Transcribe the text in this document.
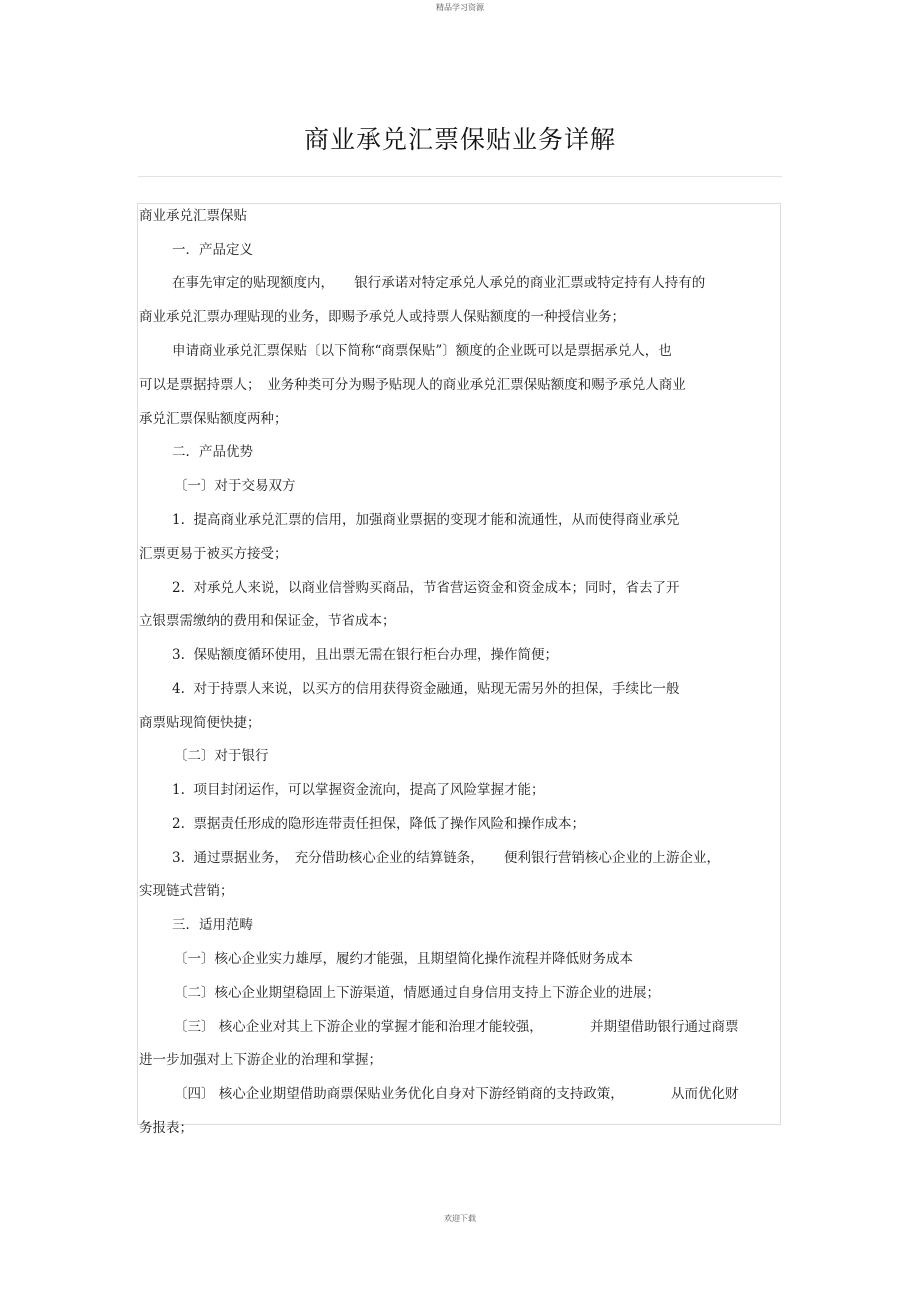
精品学习资源
商业承兑汇票保贴业务详解
商业承兑汇票保贴
一．产品定义
在事先审定的贴现额度内，　　银行承诺对特定承兑人承兑的商业汇票或特定持有人持有的
商业承兑汇票办理贴现的业务，即赐予承兑人或持票人保贴额度的一种授信业务；
申请商业承兑汇票保贴〔以下简称“商票保贴”〕额度的企业既可以是票据承兑人，也
可以是票据持票人；　业务种类可分为赐予贴现人的商业承兑汇票保贴额度和赐予承兑人商业
承兑汇票保贴额度两种；
二．产品优势
〔一〕对于交易双方
1.  提高商业承兑汇票的信用，加强商业票据的变现才能和流通性，从而使得商业承兑
汇票更易于被买方接受；
2.  对承兑人来说，以商业信誉购买商品，节省营运资金和资金成本；同时，省去了开
立银票需缴纳的费用和保证金，节省成本；
3.  保贴额度循环使用，且出票无需在银行柜台办理，操作简便；
4.  对于持票人来说，以买方的信用获得资金融通，贴现无需另外的担保，手续比一般
商票贴现简便快捷；
〔二〕对于银行
1.  项目封闭运作，可以掌握资金流向，提高了风险掌握才能；
2.  票据责任形成的隐形连带责任担保，降低了操作风险和操作成本；
3.  通过票据业务，　充分借助核心企业的结算链条，　　便利银行营销核心企业的上游企业，
实现链式营销；
三．适用范畴
〔一〕核心企业实力雄厚，履约才能强，且期望简化操作流程并降低财务成本
〔二〕核心企业期望稳固上下游渠道，情愿通过自身信用支持上下游企业的进展；
〔三〕 核心企业对其上下游企业的掌握才能和治理才能较强，　　　　并期望借助银行通过商票
进一步加强对上下游企业的治理和掌握；
〔四〕 核心企业期望借助商票保贴业务优化自身对下游经销商的支持政策，　　　　从而优化财
务报表；
欢迎下载
